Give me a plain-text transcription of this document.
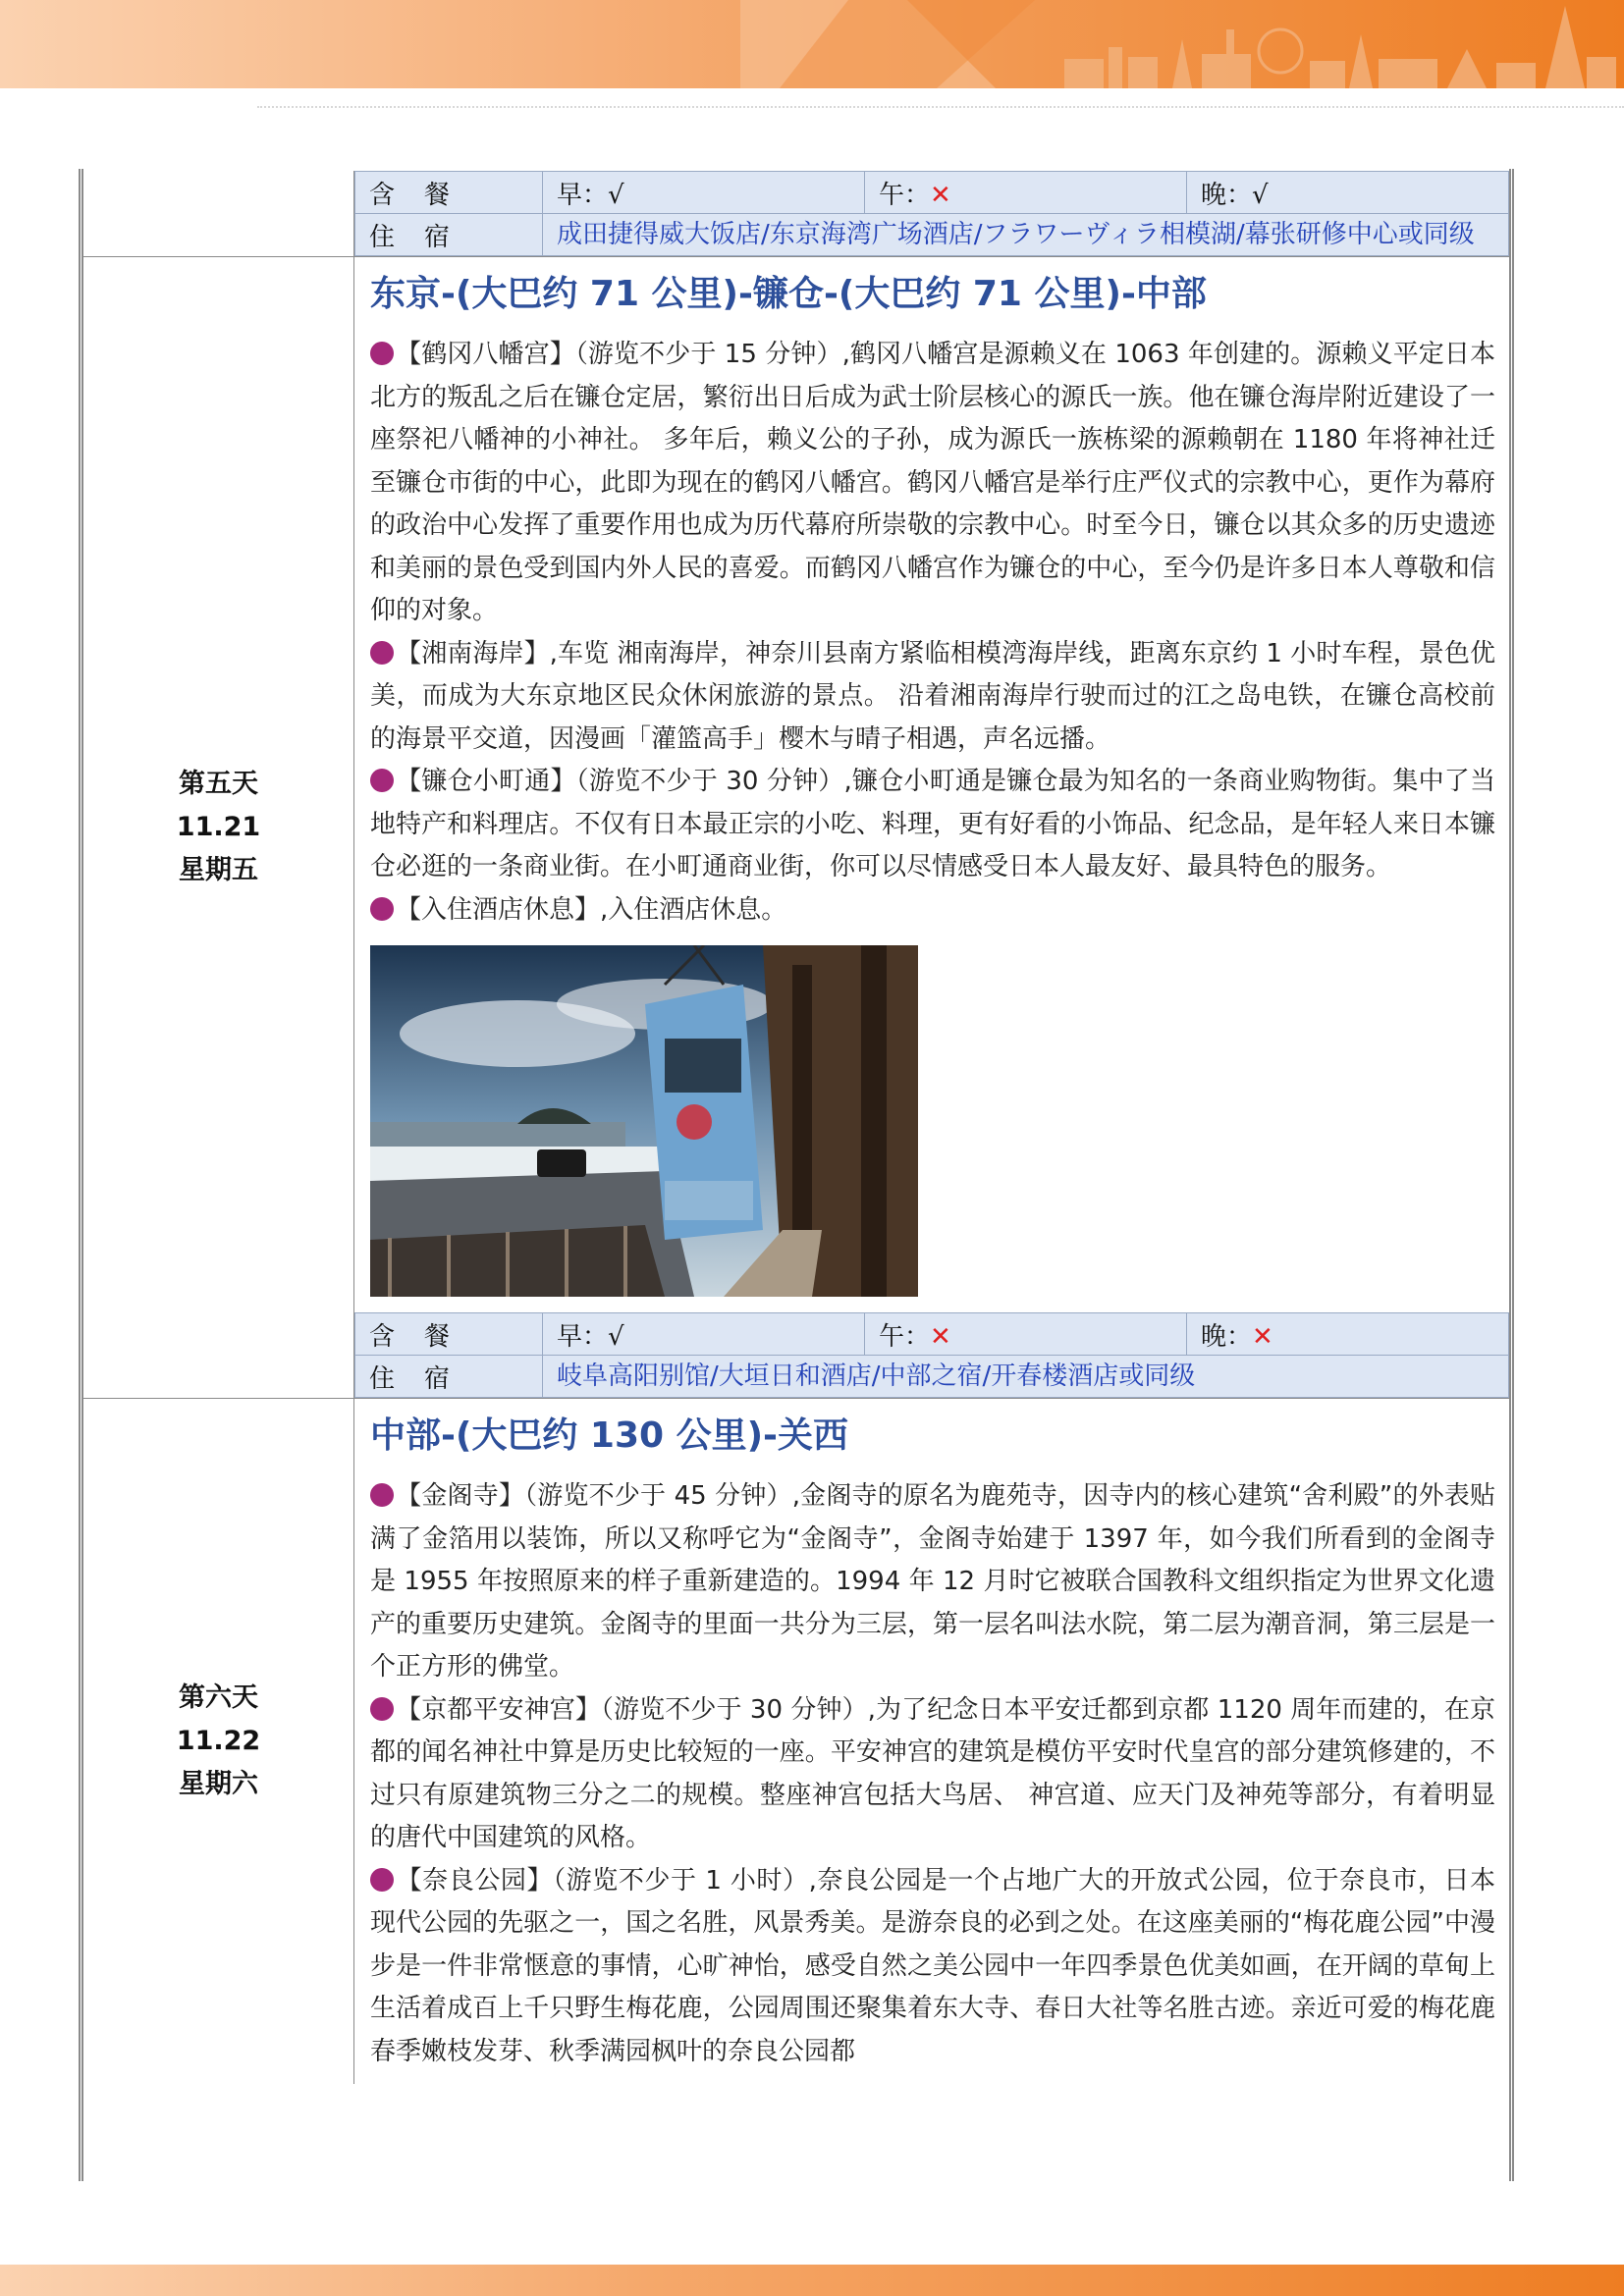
含　餐	早：√	午：✕	晚：√
住　宿	成田捷得威大饭店/东京海湾广场酒店/フラワーヴィラ相模湖/幕张研修中心或同级

第五天
11.21
星期五

东京-(大巴约 71 公里)-镰仓-(大巴约 71 公里)-中部

【鹤冈八幡宫】（游览不少于 15 分钟）,鹤冈八幡宫是源赖义在 1063 年创建的。源赖义平定日本北方的叛乱之后在镰仓定居，繁衍出日后成为武士阶层核心的源氏一族。他在镰仓海岸附近建设了一座祭祀八幡神的小神社。 多年后，赖义公的子孙，成为源氏一族栋梁的源赖朝在 1180 年将神社迁至镰仓市街的中心，此即为现在的鹤冈八幡宫。鹤冈八幡宫是举行庄严仪式的宗教中心，更作为幕府的政治中心发挥了重要作用也成为历代幕府所崇敬的宗教中心。时至今日，镰仓以其众多的历史遗迹和美丽的景色受到国内外人民的喜爱。而鹤冈八幡宫作为镰仓的中心，至今仍是许多日本人尊敬和信仰的对象。

【湘南海岸】,车览 湘南海岸，神奈川县南方紧临相模湾海岸线，距离东京约 1 小时车程，景色优美，而成为大东京地区民众休闲旅游的景点。 沿着湘南海岸行驶而过的江之岛电铁，在镰仓高校前的海景平交道，因漫画「灌篮高手」樱木与晴子相遇，声名远播。

【镰仓小町通】（游览不少于 30 分钟）,镰仓小町通是镰仓最为知名的一条商业购物街。集中了当地特产和料理店。不仅有日本最正宗的小吃、料理，更有好看的小饰品、纪念品，是年轻人来日本镰仓必逛的一条商业街。在小町通商业街，你可以尽情感受日本人最友好、最具特色的服务。

【入住酒店休息】,入住酒店休息。

含　餐	早：√	午：✕	晚：✕
住　宿	岐阜高阳别馆/大垣日和酒店/中部之宿/开春楼酒店或同级

第六天
11.22
星期六

中部-(大巴约 130 公里)-关西

【金阁寺】（游览不少于 45 分钟）,金阁寺的原名为鹿苑寺，因寺内的核心建筑“舍利殿”的外表贴满了金箔用以装饰，所以又称呼它为“金阁寺”，金阁寺始建于 1397 年，如今我们所看到的金阁寺是 1955 年按照原来的样子重新建造的。1994 年 12 月时它被联合国教科文组织指定为世界文化遗产的重要历史建筑。金阁寺的里面一共分为三层，第一层名叫法水院，第二层为潮音洞，第三层是一个正方形的佛堂。

【京都平安神宫】（游览不少于 30 分钟）,为了纪念日本平安迁都到京都 1120 周年而建的，在京都的闻名神社中算是历史比较短的一座。平安神宫的建筑是模仿平安时代皇宫的部分建筑修建的，不过只有原建筑物三分之二的规模。整座神宫包括大鸟居、 神宫道、应天门及神苑等部分，有着明显的唐代中国建筑的风格。

【奈良公园】（游览不少于 1 小时）,奈良公园是一个占地广大的开放式公园，位于奈良市，日本现代公园的先驱之一，国之名胜，风景秀美。是游奈良的必到之处。在这座美丽的“梅花鹿公园”中漫步是一件非常惬意的事情，心旷神怡，感受自然之美公园中一年四季景色优美如画，在开阔的草甸上生活着成百上千只野生梅花鹿，公园周围还聚集着东大寺、春日大社等名胜古迹。亲近可爱的梅花鹿春季嫩枝发芽、秋季满园枫叶的奈良公园都
